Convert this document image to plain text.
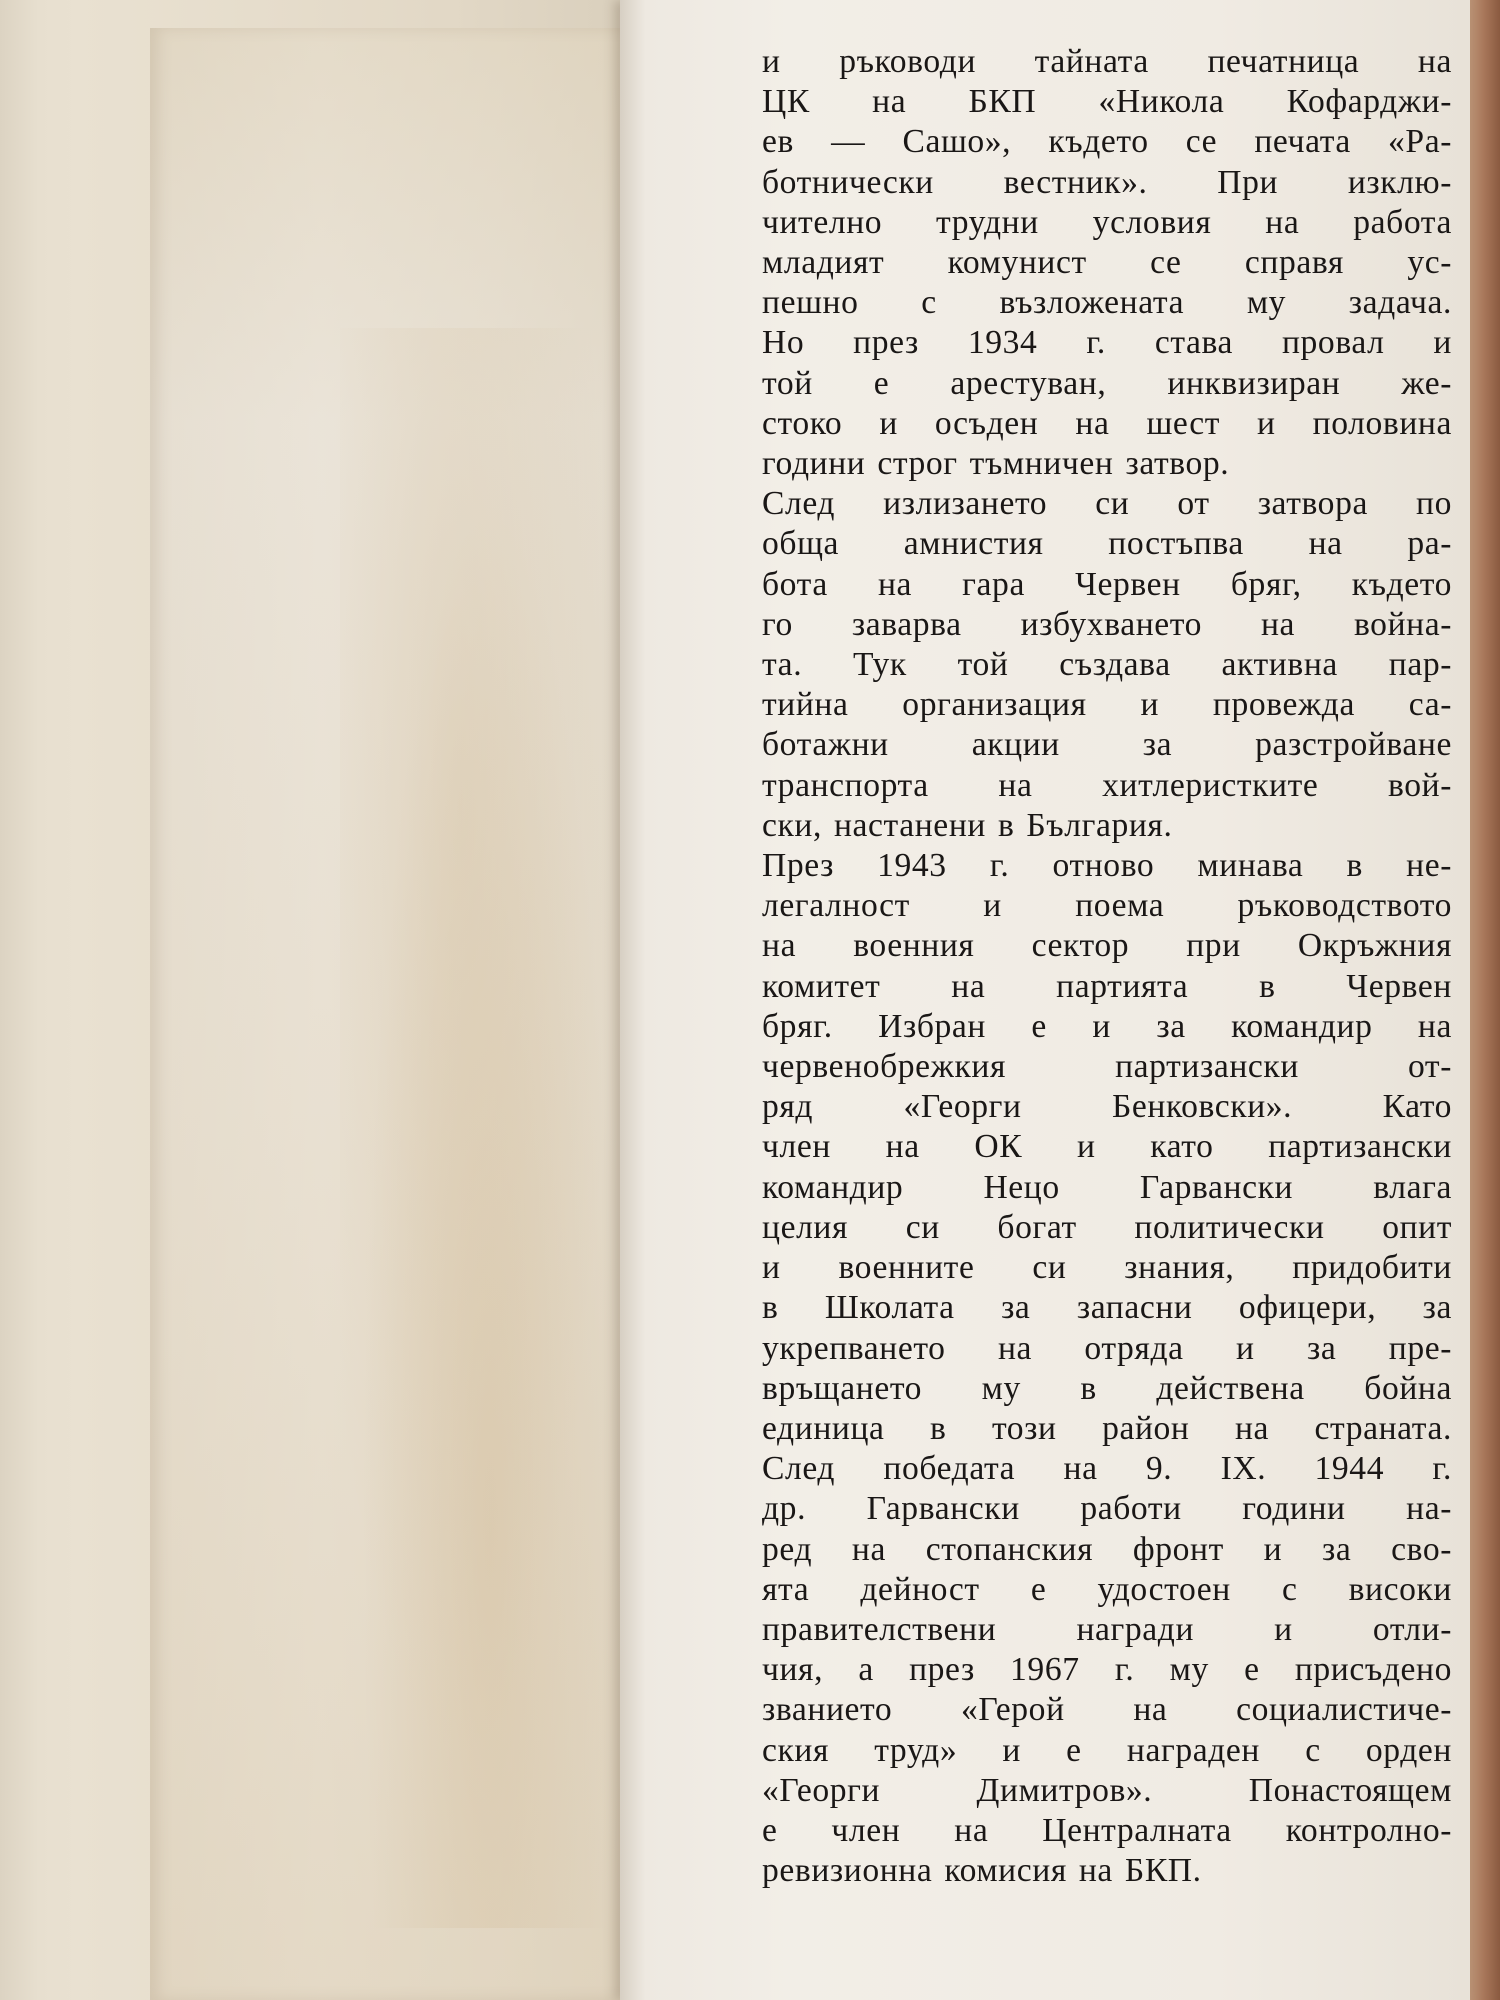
и ръководи тайната печатница на
ЦК на БКП «Никола Кофарджи-
ев — Сашо», където се печата «Ра-
ботнически вестник». При изклю-
чително трудни условия на работа
младият комунист се справя ус-
пешно с възложената му задача.
Но през 1934 г. става провал и
той е арестуван, инквизиран же-
стоко и осъден на шест и половина
години строг тъмничен затвор.
След излизането си от затвора по
обща амнистия постъпва на ра-
бота на гара Червен бряг, където
го заварва избухването на война-
та. Тук той създава активна пар-
тийна организация и провежда са-
ботажни акции за разстройване
транспорта на хитлеристките вой-
ски, настанени в България.
През 1943 г. отново минава в не-
легалност и поема ръководството
на военния сектор при Окръжния
комитет на партията в Червен
бряг. Избран е и за командир на
червенобрежкия партизански от-
ряд «Георги Бенковски». Като
член на ОК и като партизански
командир Нецо Гарвански влага
целия си богат политически опит
и военните си знания, придобити
в Школата за запасни офицери, за
укрепването на отряда и за пре-
връщането му в действена бойна
единица в този район на страната.
След победата на 9. IX. 1944 г.
др. Гарвански работи години на-
ред на стопанския фронт и за сво-
ята дейност е удостоен с високи
правителствени награди и отли-
чия, а през 1967 г. му е присъдено
званието «Герой на социалистиче-
ския труд» и е награден с орден
«Георги Димитров». Понастоящем
е член на Централната контролно-
ревизионна комисия на БКП.
